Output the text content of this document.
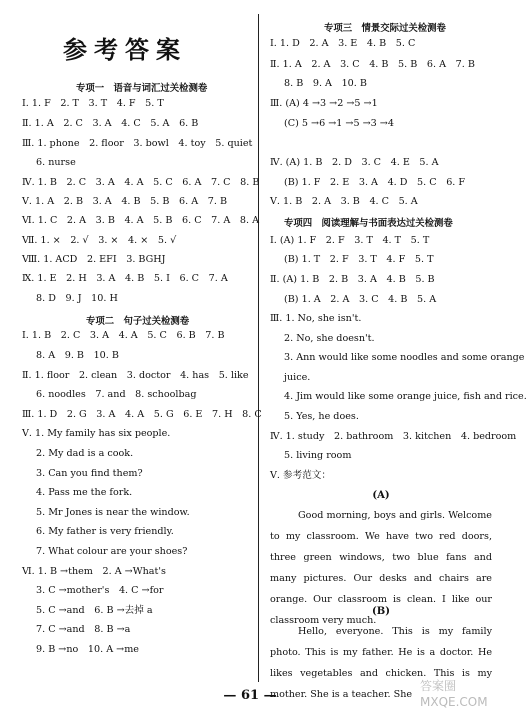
参考答案
专项一　语音与词汇过关检测卷
Ⅰ. 1. F　2. T　3. T　4. F　5. T
Ⅱ. 1. A　2. C　3. A　4. C　5. A　6. B
Ⅲ. 1. phone　2. floor　3. bowl　4. toy　5. quiet
6. nurse
Ⅳ. 1. B　2. C　3. A　4. A　5. C　6. A　7. C　8. B
Ⅴ. 1. A　2. B　3. A　4. B　5. B　6. A　7. B
Ⅵ. 1. C　2. A　3. B　4. A　5. B　6. C　7. A　8. A
Ⅶ. 1. ×　2. √　3. ×　4. ×　5. √
Ⅷ. 1. ACD　2. EFI　3. BGHJ
Ⅸ. 1. E　2. H　3. A　4. B　5. I　6. C　7. A
8. D　9. J　10. H
专项二　句子过关检测卷
Ⅰ. 1. B　2. C　3. A　4. A　5. C　6. B　7. B
8. A　9. B　10. B
Ⅱ. 1. floor　2. clean　3. doctor　4. has　5. like
6. noodles　7. and　8. schoolbag
Ⅲ. 1. D　2. G　3. A　4. A　5. G　6. E　7. H　8. C
Ⅴ. 1. My family has six people.
2. My dad is a cook.
3. Can you find them?
4. Pass me the fork.
5. Mr Jones is near the window.
6. My father is very friendly.
7. What colour are your shoes?
Ⅵ. 1. B →them　2. A →What's
3. C →mother's　4. C →for
5. C →and　6. B →去掉 a
7. C →and　8. B →a
9. B →no　10. A →me
专项三　情景交际过关检测卷
Ⅰ. 1. D　2. A　3. E　4. B　5. C
Ⅱ. 1. A　2. A　3. C　4. B　5. B　6. A　7. B
8. B　9. A　10. B
Ⅲ. (A) 4 →3 →2 →5 →1
(C) 5 →6 →1 →5 →3 →4
Ⅳ. (A) 1. B　2. D　3. C　4. E　5. A
(B) 1. F　2. E　3. A　4. D　5. C　6. F
Ⅴ. 1. B　2. A　3. B　4. C　5. A
专项四　阅读理解与书面表达过关检测卷
Ⅰ. (A) 1. F　2. F　3. T　4. T　5. T
(B) 1. T　2. F　3. T　4. F　5. T
Ⅱ. (A) 1. B　2. B　3. A　4. B　5. B
(B) 1. A　2. A　3. C　4. B　5. A
Ⅲ. 1. No, she isn't.
2. No, she doesn't.
3. Ann would like some noodles and some orange
juice.
4. Jim would like some orange juice, fish and rice.
5. Yes, he does.
Ⅳ. 1. study　2. bathroom　3. kitchen　4. bedroom
5. living room
Ⅴ. 参考范文：
(A)
Good morning, boys and girls. Welcome to my classroom. We have two red doors, three green windows, two blue fans and many pictures. Our desks and chairs are orange. Our classroom is clean. I like our classroom very much.
(B)
Hello, everyone. This is my family photo. This is my father. He is a doctor. He likes vegetables and chicken. This is my mother. She is a teacher. She
— 61 —
答案圈 MXQE.COM
